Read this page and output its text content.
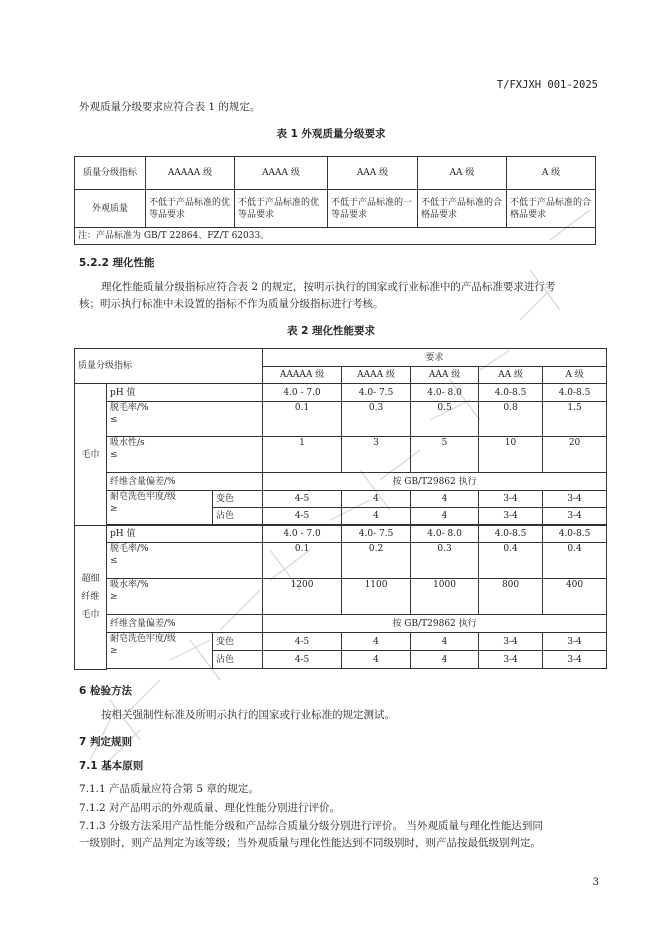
T/FXJXH 001-2025
外观质量分级要求应符合表 1 的规定。
表 1 外观质量分级要求
质量分级指标	AAAAA 级	AAAA 级	AAA 级	AA 级	A 级
外观质量	不低于产品标准的优等品要求	不低于产品标准的优等品要求	不低于产品标准的一等品要求	不低于产品标准的合格品要求	不低于产品标准的合格品要求
注：产品标准为 GB/T 22864、FZ/T 62033。					
5.2.2 理化性能
理化性能质量分级指标应符合表 2 的规定，按明示执行的国家或行业标准中的产品标准要求进行考
核；明示执行标准中未设置的指标不作为质量分级指标进行考核。
表 2 理化性能要求
质量分级指标			要求				
			AAAAA 级	AAAA 级	AAA 级	AA 级	A 级
毛巾	pH 值		4.0 - 7.0	4.0- 7.5	4.0- 8.0	4.0-8.5	4.0-8.5
	脱毛率/%
≤		0.1	0.3	0.5	0.8	1.5
	吸水性/s
≤		1	3	5	10	20
	纤维含量偏差/%		按 GB/T29862 执行				
	耐皂洗色牢度/级
≥	变色	4-5	4	4	3-4	3-4
		沾色	4-5	4	4	3-4	3-4

超细纤维毛巾	pH 值		4.0 - 7.0	4.0- 7.5	4.0- 8.0	4.0-8.5	4.0-8.5
	脱毛率/%
≤		0.1	0.2	0.3	0.4	0.4
	吸水率/%
≥		1200	1100	1000	800	400
	纤维含量偏差/%		按 GB/T29862 执行				
	耐皂洗色牢度/级
≥	变色	4-5	4	4	3-4	3-4
		沾色	4-5	4	4	3-4	3-4

6 检验方法
按相关强制性标准及所明示执行的国家或行业标准的规定测试。
7 判定规则
7.1 基本原则
7.1.1 产品质量应符合第 5 章的规定。
7.1.2 对产品明示的外观质量、理化性能分别进行评价。
7.1.3 分级方法采用产品性能分级和产品综合质量分级分别进行评价。 当外观质量与理化性能达到同
一级别时，则产品判定为该等级；当外观质量与理化性能达到不同级别时，则产品按最低级别判定。
3
